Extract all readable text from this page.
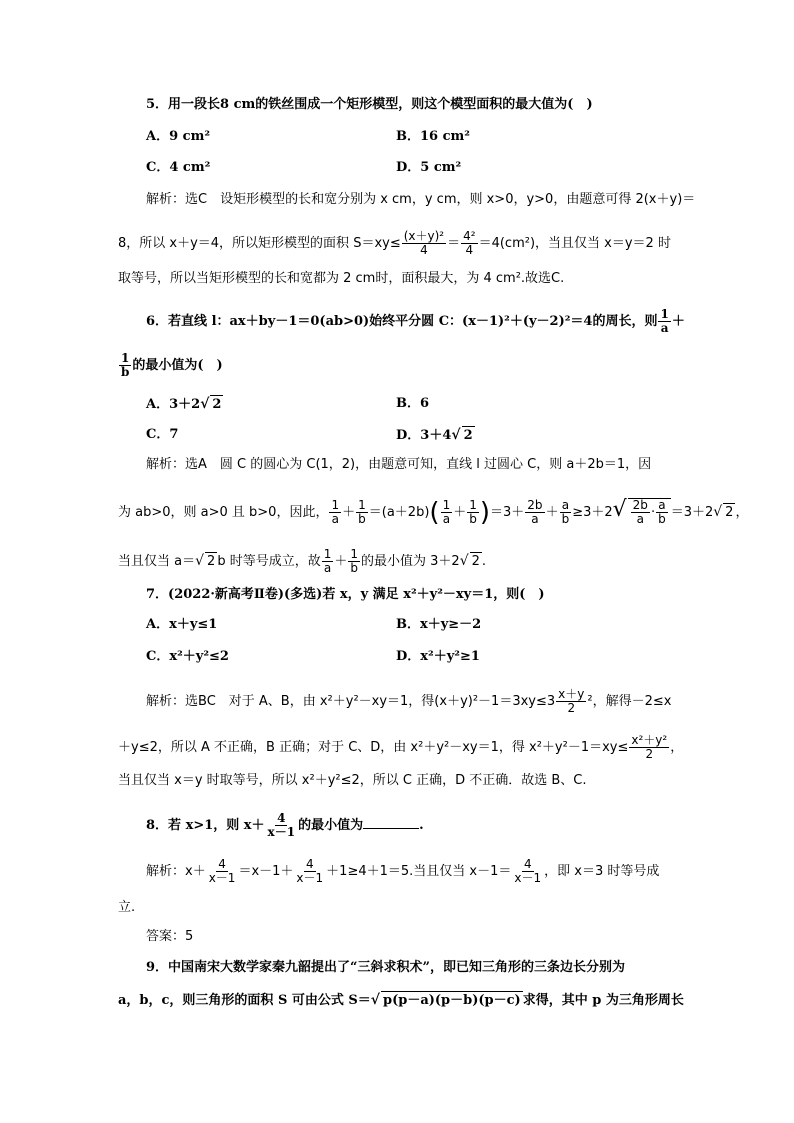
5．用一段长8 cm的铁丝围成一个矩形模型，则这个模型面积的最大值为(　)
A．9 cm²	B．16 cm²
C．4 cm²	D．5 cm²
解析：选C　设矩形模型的长和宽分别为 x cm，y cm，则 x>0，y>0，由题意可得 2(x＋y)＝
8，所以 x＋y＝4，所以矩形模型的面积 $S=xy\le \frac{\text{(x＋y)²}}{4} = \frac{\text{4²}}{4} =4(cm^2)$，当且仅当 x＝y＝2 时
取等号，所以当矩形模型的长和宽都为 2 cm时，面积最大，为 4 cm².故选C.
6．若直线 l：ax＋by－1＝0(ab>0)始终平分圆 C：(x－1)²＋(y－2)²＝4的周长，则 $\frac{1}{a}$ ＋
$\frac{1}{b}$ 的最小值为(　)
A．3＋2√ 2	B．6
C．7	D．3＋4√ 2
解析：选A　圆 C 的圆心为 C(1，2)，由题意可知，直线 l 过圆心 C，则 a＋2b＝1，因
为 ab>0，则 a>0 且 b>0，因此， $\frac{1}{a} + \frac{1}{b} =(a+2b)( \frac{1}{a} + \frac{1}{b} )=3+ \frac{2b}{a} + \frac{a}{b} \ge 3+2√ \frac{2b}{a} \cdot \frac{a}{b} =3+2√$ 2 ，
当且仅当 a＝√ 2 b 时等号成立，故 $\frac{1}{a} + \frac{1}{b}$ 的最小值为 3＋2√ 2 .
7．(2022·新高考Ⅱ卷)(多选)若 x，y 满足 x²＋y²－xy＝1，则(　)
A．x＋y≤1	B．x＋y≥－2
C．x²＋y²≤2	D．x²＋y²≥1
解析：选BC　对于 A、B，由 x²＋y²－xy＝1，得$(x+y)^2-1=3xy\le 3 \frac{x+y}{2} ^2$，解得－2≤x
＋y≤2，所以 A 不正确，B 正确；对于 C、D，由 x²＋y²－xy＝1，得 $x^2+y^2-1=xy\le \frac{\text{x²＋y²}}{2}$ ，
当且仅当 x＝y 时取等号，所以 x²＋y²≤2，所以 C 正确，D 不正确．故选 B、C.
8．若 x>1，则 $x+ \frac{4}{x-1}$ 的最小值为	.
解析：$x+ \frac{4}{x-1} =x-1+ \frac{4}{x-1} +1\ge 4+1=5$.当且仅当 $x-1= \frac{4}{x-1}$ ，即 x＝3 时等号成
立.
答案：5
9．中国南宋大数学家秦九韶提出了“三斜求积术”，即已知三角形的三条边长分别为
a，b，c，则三角形的面积 S 可由公式 S＝√ p(p－a)(p－b)(p－c) 求得，其中 p 为三角形周长
